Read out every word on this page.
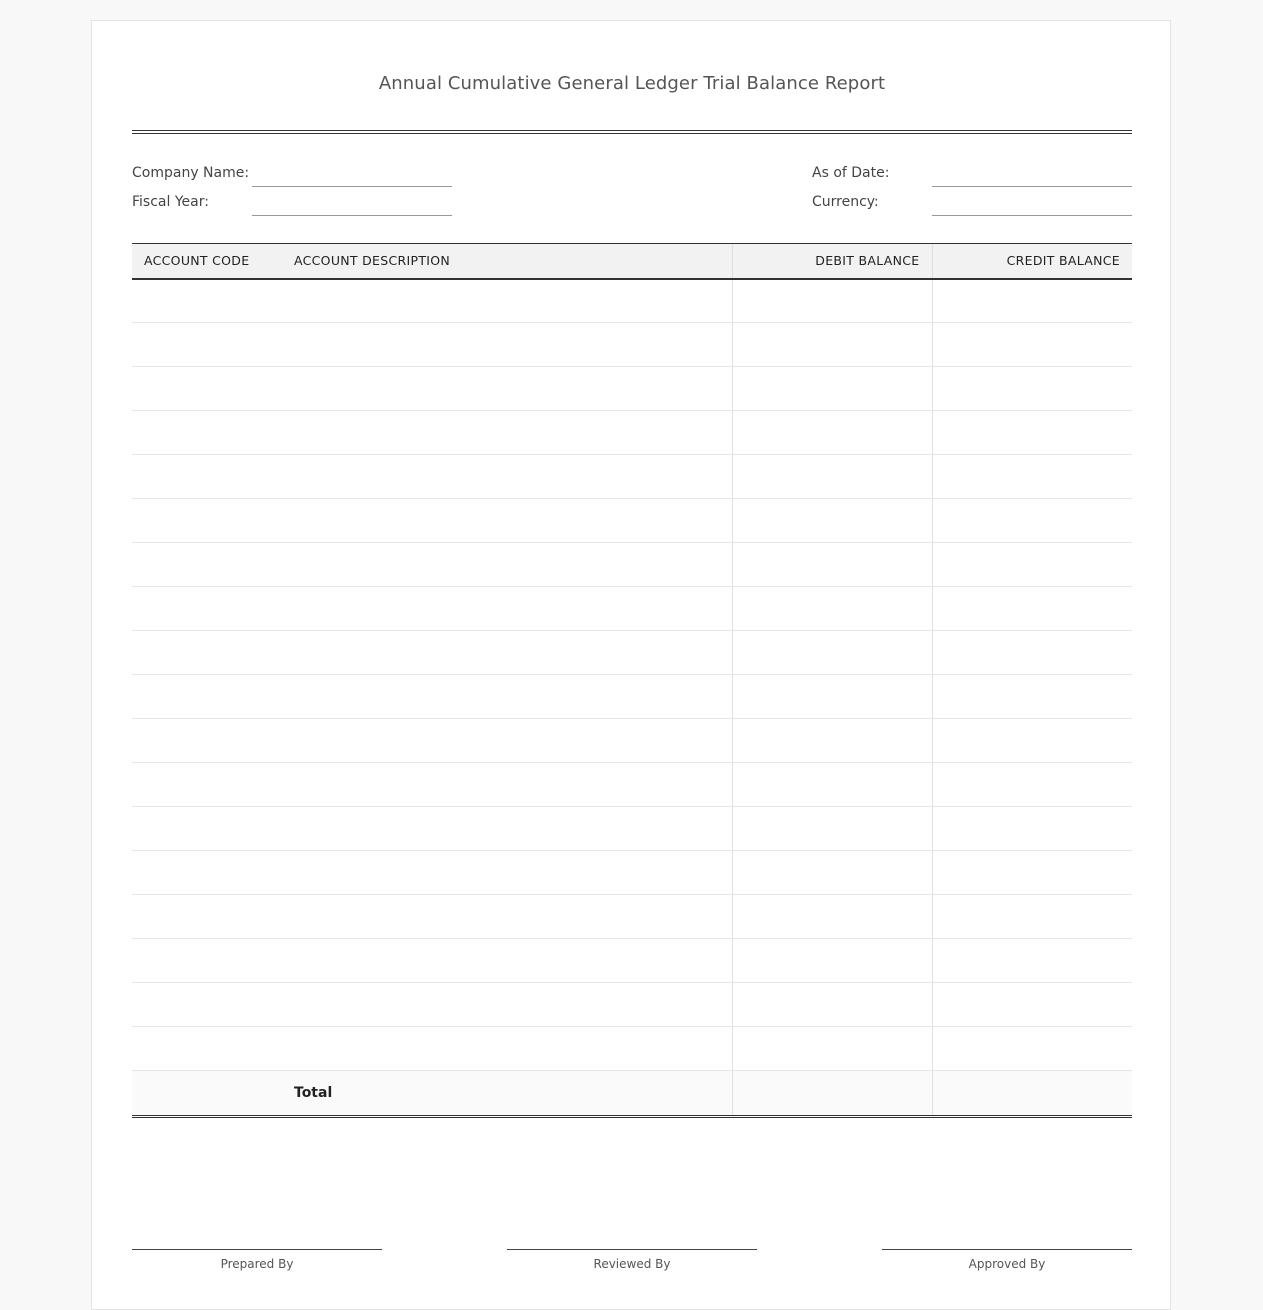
Annual Cumulative General Ledger Trial Balance Report
Company Name:
Fiscal Year:
As of Date:
Currency:
ACCOUNT CODE	ACCOUNT DESCRIPTION	DEBIT BALANCE	CREDIT BALANCE

	Total		
Prepared By	Reviewed By	Approved By
